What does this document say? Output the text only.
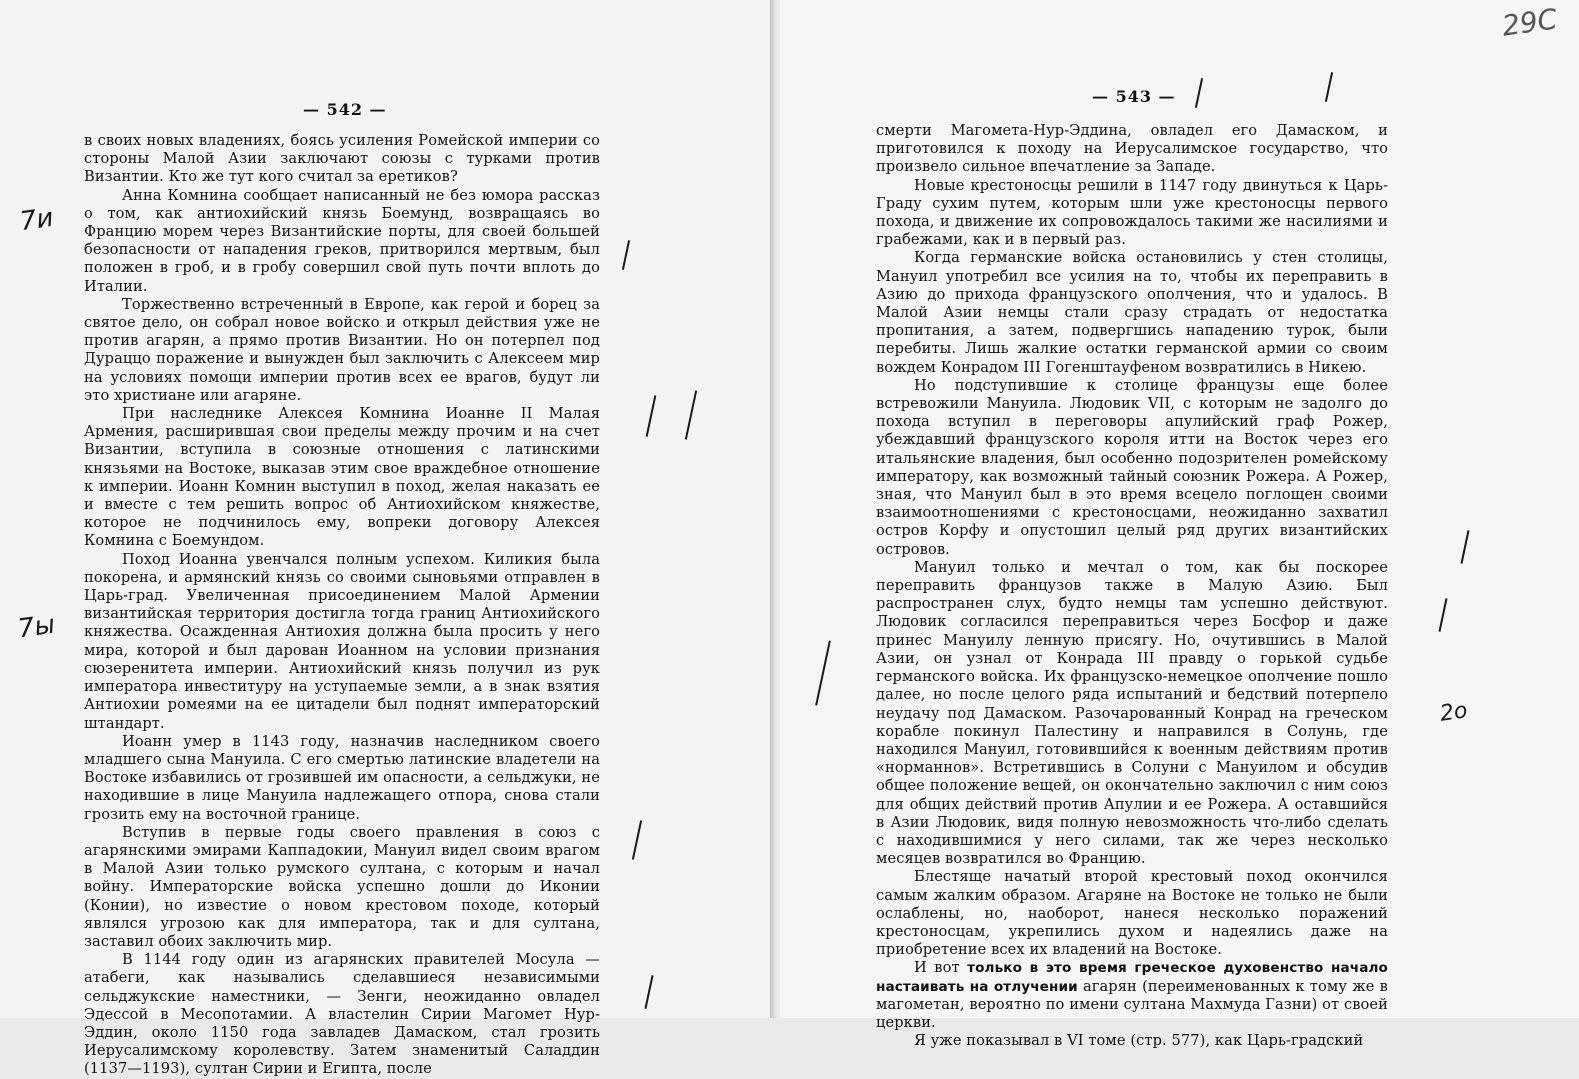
— 542 —

в своих новых владениях, боясь усиления Ромейской империи со стороны Малой Азии заключают союзы с турками против Византии. Кто же тут кого считал за еретиков?

Анна Комнина сообщает написанный не без юмора рассказ о том, как антиохийский князь Боемунд, возвращаясь во Францию морем через Византийские порты, для своей большей безопасности от нападения греков, притворился мертвым, был положен в гроб, и в гробу совершил свой путь почти вплоть до Италии.

Торжественно встреченный в Европе, как герой и борец за святое дело, он собрал новое войско и открыл действия уже не против агарян, а прямо против Византии. Но он потерпел под Дураццо поражение и вынужден был заключить с Алексеем мир на условиях помощи империи против всех ее врагов, будут ли это христиане или агаряне.

При наследнике Алексея Комнина Иоанне II Малая Армения, расширившая свои пределы между прочим и на счет Византии, вступила в союзные отношения с латинскими князьями на Востоке, выказав этим свое враждебное отношение к империи. Иоанн Комнин выступил в поход, желая наказать ее и вместе с тем решить вопрос об Антиохийском княжестве, которое не подчинилось ему, вопреки договору Алексея Комнина с Боемундом.

Поход Иоанна увенчался полным успехом. Киликия была покорена, и армянский князь со своими сыновьями отправлен в Царь-град. Увеличенная присоединением Малой Армении византийская территория достигла тогда границ Антиохийского княжества. Осажденная Антиохия должна была просить у него мира, которой и был дарован Иоанном на условии признания сюзеренитета империи. Антиохийский князь получил из рук императора инвеституру на уступаемые земли, а в знак взятия Антиохии ромеями на ее цитадели был поднят императорский штандарт.

Иоанн умер в 1143 году, назначив наследником своего младшего сына Мануила. С его смертью латинские владетели на Востоке избавились от грозившей им опасности, а сельджуки, не находившие в лице Мануила надлежащего отпора, снова стали грозить ему на восточной границе.

Вступив в первые годы своего правления в союз с агарянскими эмирами Каппадокии, Мануил видел своим врагом в Малой Азии только румского султана, с которым и начал войну. Императорские войска успешно дошли до Иконии (Конии), но известие о новом крестовом походе, который являлся угрозою как для императора, так и для султана, заставил обоих заключить мир.

В 1144 году один из агарянских правителей Мосула — атабеги, как назывались сделавшиеся независимыми сельджукские наместники, — Зенги, неожиданно овладел Эдессой в Месопотамии. А властелин Сирии Магомет Нур-Эддин, около 1150 года завладев Дамаском, стал грозить Иерусалимскому королевству. Затем знаменитый Саладдин (1137—1193), султан Сирии и Египта, после

7и
7ы
— 543 —
29С

смерти Магомета-Нур-Эддина, овладел его Дамаском, и приготовился к походу на Иерусалимское государство, что произвело сильное впечатление за Западе.

Новые крестоносцы решили в 1147 году двинуться к Царь-Граду сухим путем, которым шли уже крестоносцы первого похода, и движение их сопровождалось такими же насилиями и грабежами, как и в первый раз.

Когда германские войска остановились у стен столицы, Мануил употребил все усилия на то, чтобы их переправить в Азию до прихода французского ополчения, что и удалось. В Малой Азии немцы стали сразу страдать от недостатка пропитания, а затем, подвергшись нападению турок, были перебиты. Лишь жалкие остатки германской армии со своим вождем Конрадом III Гогенштауфеном возвратились в Никею.

Но подступившие к столице французы еще более встревожили Мануила. Людовик VII, с которым не задолго до похода вступил в переговоры апулийский граф Рожер, убеждавший французского короля итти на Восток через его итальянские владения, был особенно подозрителен ромейскому императору, как возможный тайный союзник Рожера. А Рожер, зная, что Мануил был в это время всецело поглощен своими взаимоотношениями с крестоносцами, неожиданно захватил остров Корфу и опустошил целый ряд других византийских островов.

Мануил только и мечтал о том, как бы поскорее переправить французов также в Малую Азию. Был распространен слух, будто немцы там успешно действуют. Людовик согласился переправиться через Босфор и даже принес Мануилу ленную присягу. Но, очутившись в Малой Азии, он узнал от Конрада III правду о горькой судьбе германского войска. Их французско-немецкое ополчение пошло далее, но после целого ряда испытаний и бедствий потерпело неудачу под Дамаском. Разочарованный Конрад на греческом корабле покинул Палестину и направился в Солунь, где находился Мануил, готовившийся к военным действиям против «норманнов». Встретившись в Солуни с Мануилом и обсудив общее положение вещей, он окончательно заключил с ним союз для общих действий против Апулии и ее Рожера. А оставшийся в Азии Людовик, видя полную невозможность что-либо сделать с находившимися у него силами, так же через несколько месяцев возвратился во Францию.

Блестяще начатый второй крестовый поход окончился самым жалким образом. Агаряне на Востоке не только не были ослаблены, но, наоборот, нанеся несколько поражений крестоносцам, укрепились духом и надеялись даже на приобретение всех их владений на Востоке.

И вот только в это время греческое духовенство начало настаивать на отлучении агарян (переименованных к тому же в магометан, вероятно по имени султана Махмуда Газни) от своей церкви.

Я уже показывал в VI томе (стр. 577), как Царь-градский

2о
